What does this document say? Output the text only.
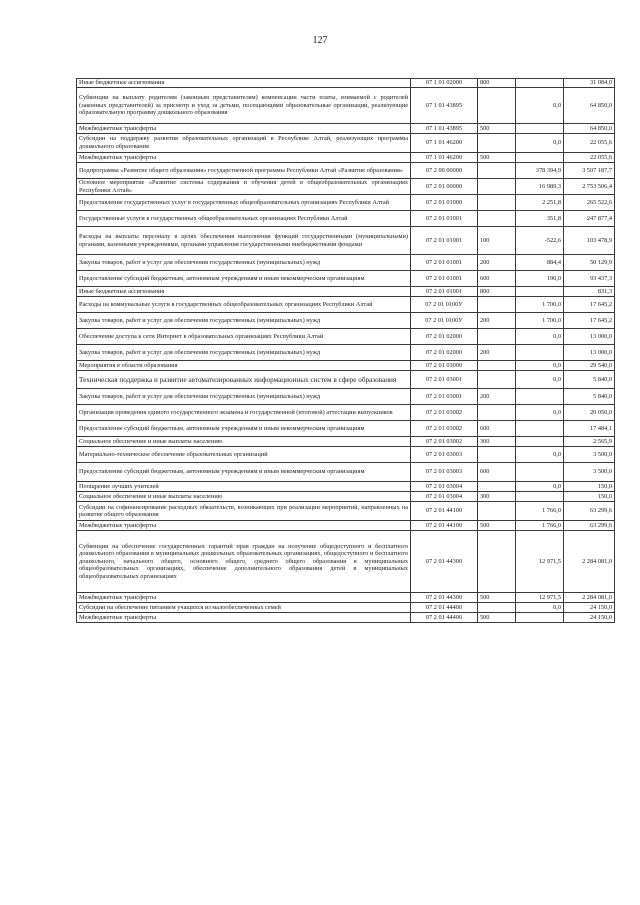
127
Иные бюджетные ассигнования	07 1 01 02000	800		31 084,0
Субвенции на выплату родителям (законным представителям) компенсации части платы, взимаемой с родителей (законных представителей) за присмотр и уход за детьми, посещающими образовательные организации, реализующие образовательную программу дошкольного образования	07 1 01 43895		0,0	64 850,0
Межбюджетные трансферты	07 1 01 43895	500		64 850,0
Субсидии на поддержку развития образовательных организаций в Республике Алтай, реализующих программы дошкольного образования	07 1 01 46200		0,0	22 055,6
Межбюджетные трансферты	07 1 01 46200	500		22 055,6
Подпрограмма «Развитие общего образования» государственной программы Республики Алтай «Развитие образования»	07 2 00 00000		378 394,9	3 507 187,7
Основное мероприятие «Развитие системы содержания и обучения детей в общеобразовательных организациях Республики Алтай»	07 2 01 00000		16 989,3	2 753 506,4
Предоставление государственных услуг в государственных общеобразовательных организациях Республики Алтай	07 2 01 01000		2 251,8	265 522,6
Государственные услуги в государственных общеобразовательных организациях Республики Алтай	07 2 01 01001		351,8	247 877,4
Расходы на выплаты персоналу в целях обеспечения выполнения функций государственными (муниципальными) органами, казенными учреждениями, органами управления государственными внебюджетными фондами	07 2 01 01001	100	-522,6	103 478,9
Закупка товаров, работ и услуг для обеспечения государственных (муниципальных) нужд	07 2 01 01001	200	884,4	50 129,9
Предоставление субсидий бюджетным, автономным учреждениям и иным некоммерческим организациям	07 2 01 01001	600	190,0	93 437,3
Иные бюджетные ассигнования	07 2 01 01001	800		831,3
Расходы на коммунальные услуги в государственных общеобразовательных организациях Республики Алтай	07 2 01 0100У		1 700,0	17 645,2
Закупка товаров, работ и услуг для обеспечения государственных (муниципальных) нужд	07 2 01 0100У	200	1 700,0	17 645,2
Обеспечение доступа к сети Интернет в образовательных организациях Республики Алтай	07 2 01 02000		0,0	13 000,0
Закупка товаров, работ и услуг для обеспечения государственных (муниципальных) нужд	07 2 01 02000	200		13 000,0
Мероприятия в области образования	07 2 01 03000		0,0	29 540,0
Техническая поддержка и развитие автоматизированных информационных систем в сфере образования	07 2 01 03001		0,0	5 840,0
Закупка товаров, работ и услуг для обеспечения государственных (муниципальных) нужд	07 2 01 03001	200		5 840,0
Организация проведения единого государственного экзамена и государственной (итоговой) аттестации выпускников	07 2 01 03002		0,0	20 050,0
Предоставление субсидий бюджетным, автономным учреждениям и иным некоммерческим организациям	07 2 01 03002	600		17 484,1
Социальное обеспечение и иные выплаты населению	07 2 01 03002	300		2 565,9
Материально-техническое обеспечение образовательных организаций	07 2 01 03003		0,0	3 500,0
Предоставление субсидий бюджетным, автономным учреждениям и иным некоммерческим организациям	07 2 01 03003	600		3 500,0
Поощрение лучших учителей	07 2 01 03004		0,0	150,0
Социальное обеспечение и иные выплаты населению	07 2 01 03004	300		150,0
Субсидии на софинансирование расходных обязательств, возникающих при реализации мероприятий, направленных на развитие общего образования	07 2 01 44100		1 766,0	63 299,6
Межбюджетные трансферты	07 2 01 44100	500	1 766,0	63 299,6
Субвенции на обеспечение государственных гарантий прав граждан на получение общедоступного и бесплатного дошкольного образования в муниципальных дошкольных образовательных организациях, общедоступного и бесплатного дошкольного, начального общего, основного общего, среднего общего образования в муниципальных общеобразовательных организациях, обеспечение дополнительного образования детей в муниципальных общеобразовательных организациях	07 2 01 44300		12 971,5	2 284 081,0
Межбюджетные трансферты	07 2 01 44300	500	12 971,5	2 284 081,0
Субсидии на обеспечение питанием учащихся из малообеспеченных семей	07 2 01 44400		0,0	24 150,0
Межбюджетные трансферты	07 2 01 44400	500		24 150,0
